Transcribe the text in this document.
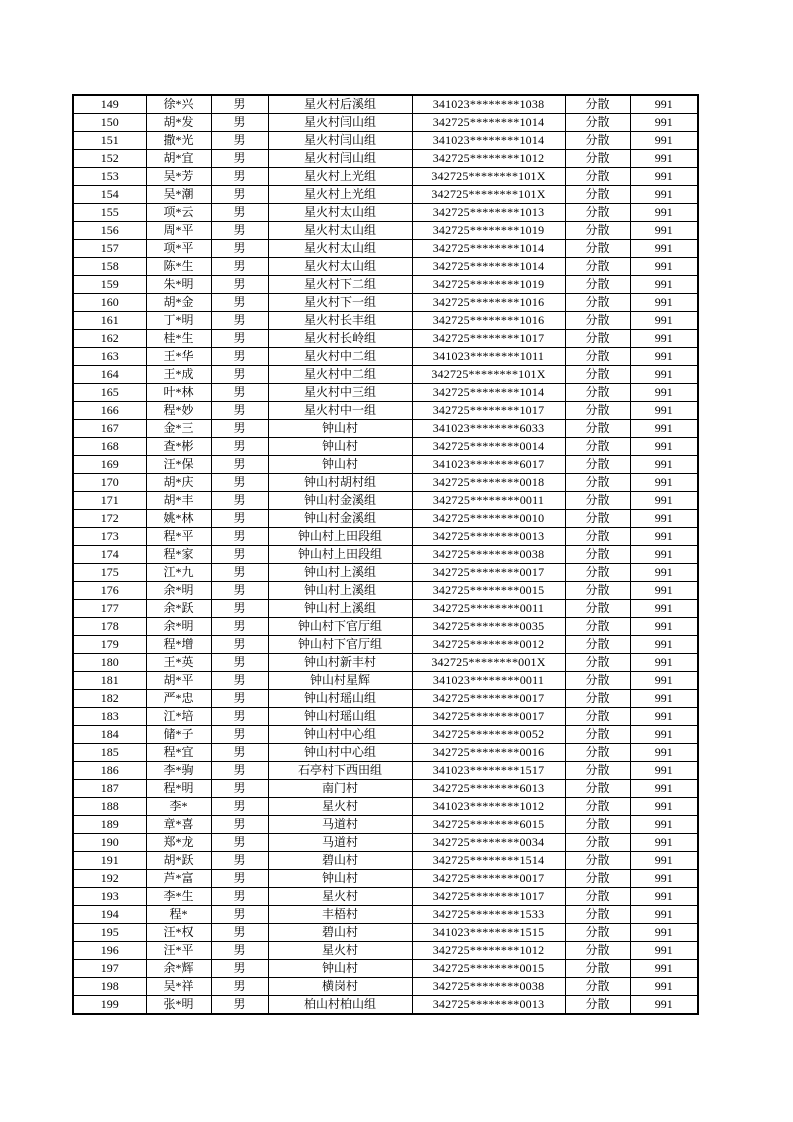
149	徐*兴	男	星火村后溪组	341023********1038	分散	991
150	胡*发	男	星火村闫山组	342725********1014	分散	991
151	撒*光	男	星火村闫山组	341023********1014	分散	991
152	胡*宜	男	星火村闫山组	342725********1012	分散	991
153	吴*芳	男	星火村上光组	342725********101X	分散	991
154	吴*潮	男	星火村上光组	342725********101X	分散	991
155	项*云	男	星火村太山组	342725********1013	分散	991
156	周*平	男	星火村太山组	342725********1019	分散	991
157	项*平	男	星火村太山组	342725********1014	分散	991
158	陈*生	男	星火村太山组	342725********1014	分散	991
159	朱*明	男	星火村下二组	342725********1019	分散	991
160	胡*金	男	星火村下一组	342725********1016	分散	991
161	丁*明	男	星火村长丰组	342725********1016	分散	991
162	桂*生	男	星火村长岭组	342725********1017	分散	991
163	王*华	男	星火村中二组	341023********1011	分散	991
164	王*成	男	星火村中二组	342725********101X	分散	991
165	叶*林	男	星火村中三组	342725********1014	分散	991
166	程*妙	男	星火村中一组	342725********1017	分散	991
167	金*三	男	钟山村	341023********6033	分散	991
168	查*彬	男	钟山村	342725********0014	分散	991
169	汪*保	男	钟山村	341023********6017	分散	991
170	胡*庆	男	钟山村胡村组	342725********0018	分散	991
171	胡*丰	男	钟山村金溪组	342725********0011	分散	991
172	姚*林	男	钟山村金溪组	342725********0010	分散	991
173	程*平	男	钟山村上田段组	342725********0013	分散	991
174	程*家	男	钟山村上田段组	342725********0038	分散	991
175	江*九	男	钟山村上溪组	342725********0017	分散	991
176	余*明	男	钟山村上溪组	342725********0015	分散	991
177	余*跃	男	钟山村上溪组	342725********0011	分散	991
178	余*明	男	钟山村下官厅组	342725********0035	分散	991
179	程*增	男	钟山村下官厅组	342725********0012	分散	991
180	王*英	男	钟山村新丰村	342725********001X	分散	991
181	胡*平	男	钟山村星辉	341023********0011	分散	991
182	严*忠	男	钟山村瑶山组	342725********0017	分散	991
183	江*培	男	钟山村瑶山组	342725********0017	分散	991
184	储*子	男	钟山村中心组	342725********0052	分散	991
185	程*宜	男	钟山村中心组	342725********0016	分散	991
186	李*驹	男	石亭村下西田组	341023********1517	分散	991
187	程*明	男	南门村	342725********6013	分散	991
188	李*	男	星火村	341023********1012	分散	991
189	章*喜	男	马道村	342725********6015	分散	991
190	郑*龙	男	马道村	342725********0034	分散	991
191	胡*跃	男	碧山村	342725********1514	分散	991
192	芦*富	男	钟山村	342725********0017	分散	991
193	李*生	男	星火村	342725********1017	分散	991
194	程*	男	丰梧村	342725********1533	分散	991
195	汪*权	男	碧山村	341023********1515	分散	991
196	汪*平	男	星火村	342725********1012	分散	991
197	余*辉	男	钟山村	342725********0015	分散	991
198	吴*祥	男	横岗村	342725********0038	分散	991
199	张*明	男	柏山村柏山组	342725********0013	分散	991
